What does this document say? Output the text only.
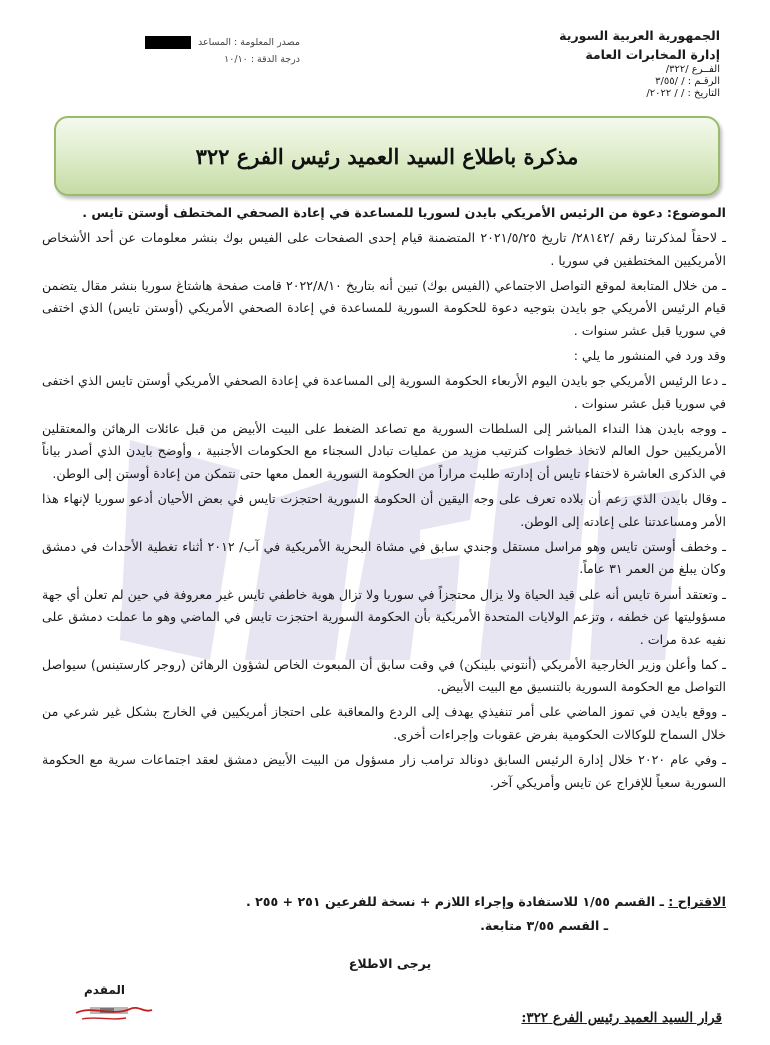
الجمهورية العربية السورية
إدارة المخابرات العامة
الفــرع /٣٢٢/
الرقـم : / /٣/٥٥
التاريخ : / / ٢٠٢٢/
مصدر المعلومة : المساعد
درجة الدقة : ١٠/١٠
مذكرة باطلاع السيد العميد رئيس الفرع ٣٢٢

الموضوع: دعوة من الرئيس الأمريكي بايدن لسوريا للمساعدة في إعادة الصحفي المختطف أوستن تايس .

ـ لاحقاً لمذكرتنا رقم /٢٨١٤٢/ تاريخ ٢٠٢١/٥/٢٥ المتضمنة قيام إحدى الصفحات على الفيس بوك بنشر معلومات عن أحد الأشخاص الأمريكيين المختطفين في سوريا .

ـ من خلال المتابعة لموقع التواصل الاجتماعي (الفيس بوك) تبين أنه بتاريخ ٢٠٢٢/٨/١٠ قامت صفحة هاشتاغ سوريا بنشر مقال يتضمن قيام الرئيس الأمريكي جو بايدن بتوجيه دعوة للحكومة السورية للمساعدة في إعادة الصحفي الأمريكي (أوستن تايس) الذي اختفى في سوريا قبل عشر سنوات .

وقد ورد في المنشور ما يلي :

ـ دعا الرئيس الأمريكي جو بايدن اليوم الأربعاء الحكومة السورية إلى المساعدة في إعادة الصحفي الأمريكي أوستن تايس الذي اختفى في سوريا قبل عشر سنوات .

ـ ووجه بايدن هذا النداء المباشر إلى السلطات السورية مع تصاعد الضغط على البيت الأبيض من قبل عائلات الرهائن والمعتقلين الأمريكيين حول العالم لاتخاذ خطوات كترتيب مزيد من عمليات تبادل السجناء مع الحكومات الأجنبية ، وأوضح بايدن الذي أصدر بياناً في الذكرى العاشرة لاختفاء تايس أن إدارته طلبت مراراً من الحكومة السورية العمل معها حتى نتمكن من إعادة أوستن إلى الوطن.

ـ وقال بايدن الذي زعم أن بلاده تعرف على وجه اليقين أن الحكومة السورية احتجزت تايس في بعض الأحيان أدعو سوريا لإنهاء هذا الأمر ومساعدتنا على إعادته إلى الوطن.

ـ وخطف أوستن تايس وهو مراسل مستقل وجندي سابق في مشاة البحرية الأمريكية في آب/ ٢٠١٢ أثناء تغطية الأحداث في دمشق وكان يبلغ من العمر ٣١ عاماً.

ـ وتعتقد أسرة تايس أنه على قيد الحياة ولا يزال محتجزاً في سوريا ولا تزال هوية خاطفي تايس غير معروفة في حين لم تعلن أي جهة مسؤوليتها عن خطفه ، وتزعم الولايات المتحدة الأمريكية بأن الحكومة السورية احتجزت تايس في الماضي وهو ما عملت دمشق على نفيه عدة مرات .

ـ كما وأعلن وزير الخارجية الأمريكي (أنتوني بلينكن) في وقت سابق أن المبعوث الخاص لشؤون الرهائن (روجر كارستينس) سيواصل التواصل مع الحكومة السورية بالتنسيق مع البيت الأبيض.

ـ ووقع بايدن في تموز الماضي على أمر تنفيذي يهدف إلى الردع والمعاقبة على احتجاز أمريكيين في الخارج بشكل غير شرعي من خلال السماح للوكالات الحكومية بفرض عقوبات وإجراءات أخرى.

ـ وفي عام ٢٠٢٠ خلال إدارة الرئيس السابق دونالد ترامب زار مسؤول من البيت الأبيض دمشق لعقد اجتماعات سرية مع الحكومة السورية سعياً للإفراج عن تايس وأمريكي آخر.

الاقتراح : ـ القسم ١/٥٥ للاستفادة وإجراء اللازم + نسخة للفرعين ٢٥١ + ٢٥٥ .
ـ القسم ٣/٥٥ متابعة.
يرجى الاطلاع
المقدم
قرار السيد العميد رئيس الفرع ٣٢٢:
